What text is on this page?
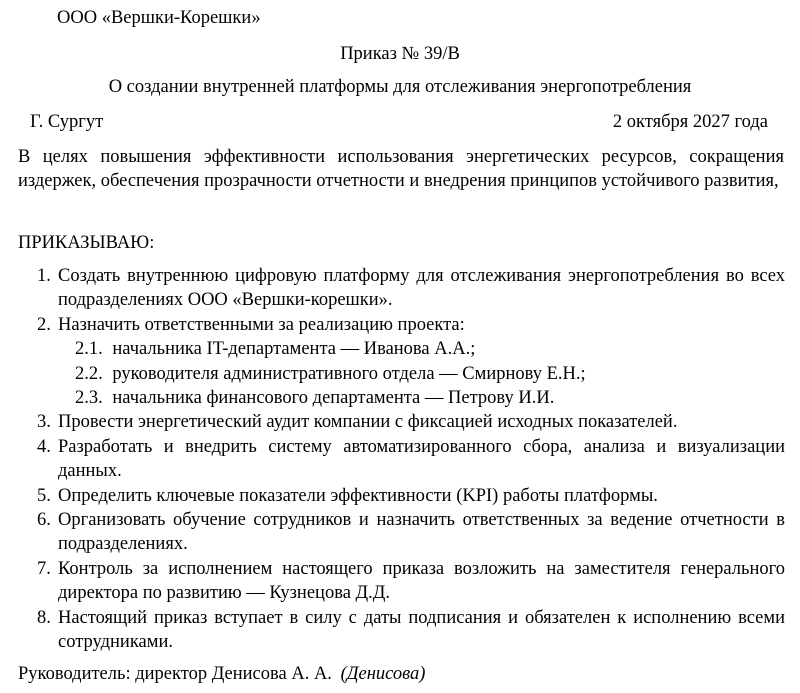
ООО «Вершки-Корешки»
Приказ № 39/В
О создании внутренней платформы для отслеживания энергопотребления
Г. Сургут	2 октября 2027 года
В целях повышения эффективности использования энергетических ресурсов, сокращения издержек, обеспечения прозрачности отчетности и внедрения принципов устойчивого развития,
ПРИКАЗЫВАЮ:
1. Создать внутреннюю цифровую платформу для отслеживания энергопотребления во всех подразделениях ООО «Вершки-корешки».
2. Назначить ответственными за реализацию проекта:
2.1. начальника IT-департамента — Иванова А.А.;
2.2. руководителя административного отдела — Смирнову Е.Н.;
2.3. начальника финансового департамента — Петрову И.И.
3. Провести энергетический аудит компании с фиксацией исходных показателей.
4. Разработать и внедрить систему автоматизированного сбора, анализа и визуализации данных.
5. Определить ключевые показатели эффективности (KPI) работы платформы.
6. Организовать обучение сотрудников и назначить ответственных за ведение отчетности в подразделениях.
7. Контроль за исполнением настоящего приказа возложить на заместителя генерального директора по развитию — Кузнецова Д.Д.
8. Настоящий приказ вступает в силу с даты подписания и обязателен к исполнению всеми сотрудниками.
Руководитель: директор Денисова А. А. (Денисова)
